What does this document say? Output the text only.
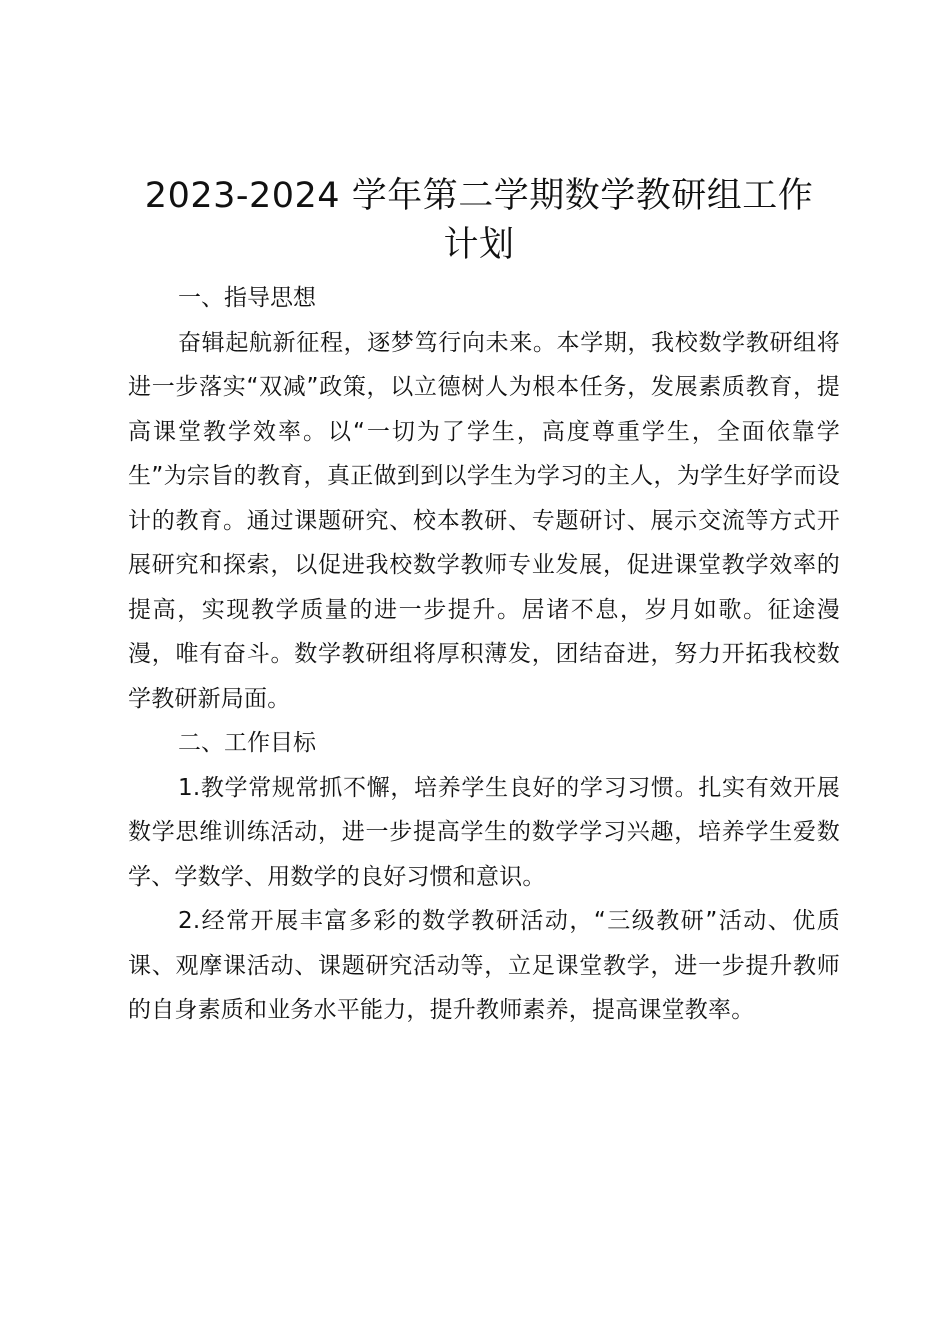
2023-2024 学年第二学期数学教研组工作计划

一、指导思想

奋辑起航新征程，逐梦笃行向未来。本学期，我校数学教研组将进一步落实“双减”政策，以立德树人为根本任务，发展素质教育，提高课堂教学效率。以“一切为了学生，高度尊重学生，全面依靠学生”为宗旨的教育，真正做到到以学生为学习的主人，为学生好学而设计的教育。通过课题研究、校本教研、专题研讨、展示交流等方式开展研究和探索，以促进我校数学教师专业发展，促进课堂教学效率的提高，实现教学质量的进一步提升。居诸不息，岁月如歌。征途漫漫，唯有奋斗。数学教研组将厚积薄发，团结奋进，努力开拓我校数学教研新局面。

二、工作目标

1.教学常规常抓不懈，培养学生良好的学习习惯。扎实有效开展数学思维训练活动，进一步提高学生的数学学习兴趣，培养学生爱数学、学数学、用数学的良好习惯和意识。

2.经常开展丰富多彩的数学教研活动，“三级教研”活动、优质课、观摩课活动、课题研究活动等，立足课堂教学，进一步提升教师的自身素质和业务水平能力，提升教师素养，提高课堂教率。
